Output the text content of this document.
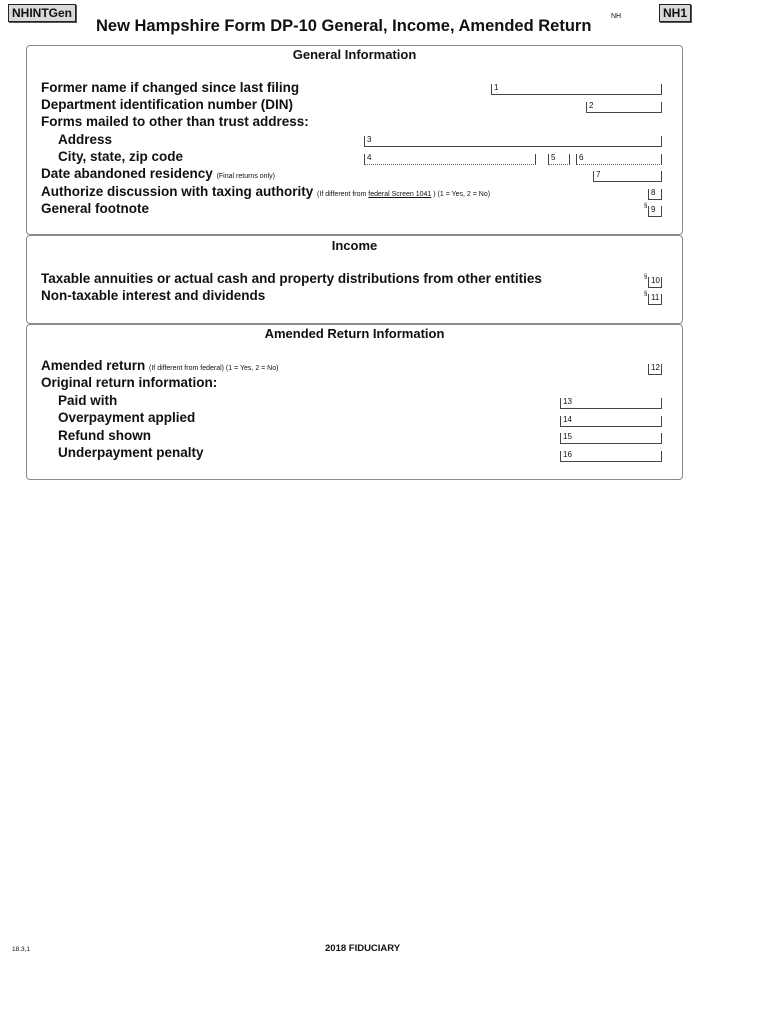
NHINTGen
New Hampshire Form DP-10 General, Income, Amended Return
NH	NH1
General Information
Former name if changed since last filing	1
Department identification number (DIN)	2
Forms mailed to other than trust address:
Address	3
City, state, zip code	4	5	6
Date abandoned residency (Final returns only)	7
Authorize discussion with taxing authority (If different from federal Screen 1041 ) (1 = Yes, 2 = No)	8
General footnote	§ 9
Income
Taxable annuities or actual cash and property distributions from other entities	§ 10
Non-taxable interest and dividends	§ 11
Amended Return Information
Amended return (If different from federal) (1 = Yes, 2 = No)	12
Original return information:
Paid with	13
Overpayment applied	14
Refund shown	15
Underpayment penalty	16
18.3,1	2018 FIDUCIARY
